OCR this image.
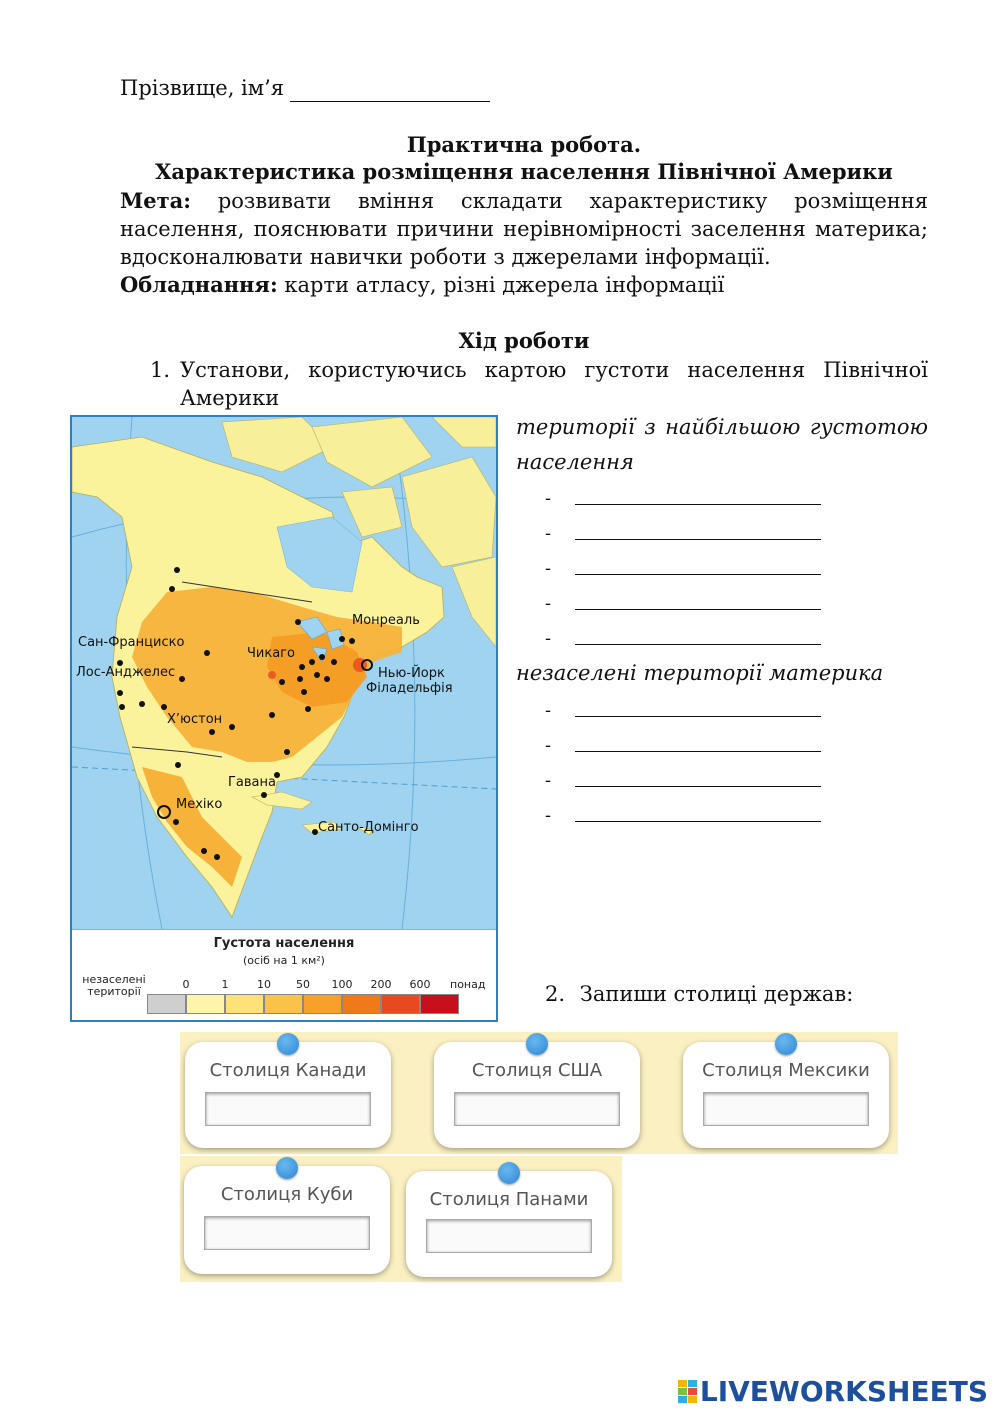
Прізвище, ім’я
Практична робота.
Характеристика розміщення населення Північної Америки
Мета: розвивати вміння складати характеристику розміщення населення, пояснювати причини нерівномірності заселення материка; вдосконалювати навички роботи з джерелами інформації.
Обладнання: карти атласу, різні джерела інформації
Хід роботи
1. Установи, користуючись картою густоти населення Північної
Америки
Монреаль
Сан-Франциско
Чикаго
Лос-Анджелес	Нью-Йорк
Філадельфія
Х’юстон
Гавана
Мехіко
Санто-Домінго
Густота населення
(осіб на 1 км²)
незаселені території
0	1	10 50 100 200 600 понад
території з найбільшою густотою
населення
-
-
-
-
-
незаселені території материка
-
-
-
-
2. Запиши столиці держав:
Столиця Канади	Столиця США	Столиця Мексики
Столиця Куби	Столиця Панами
LIVEWORKSHEETS
